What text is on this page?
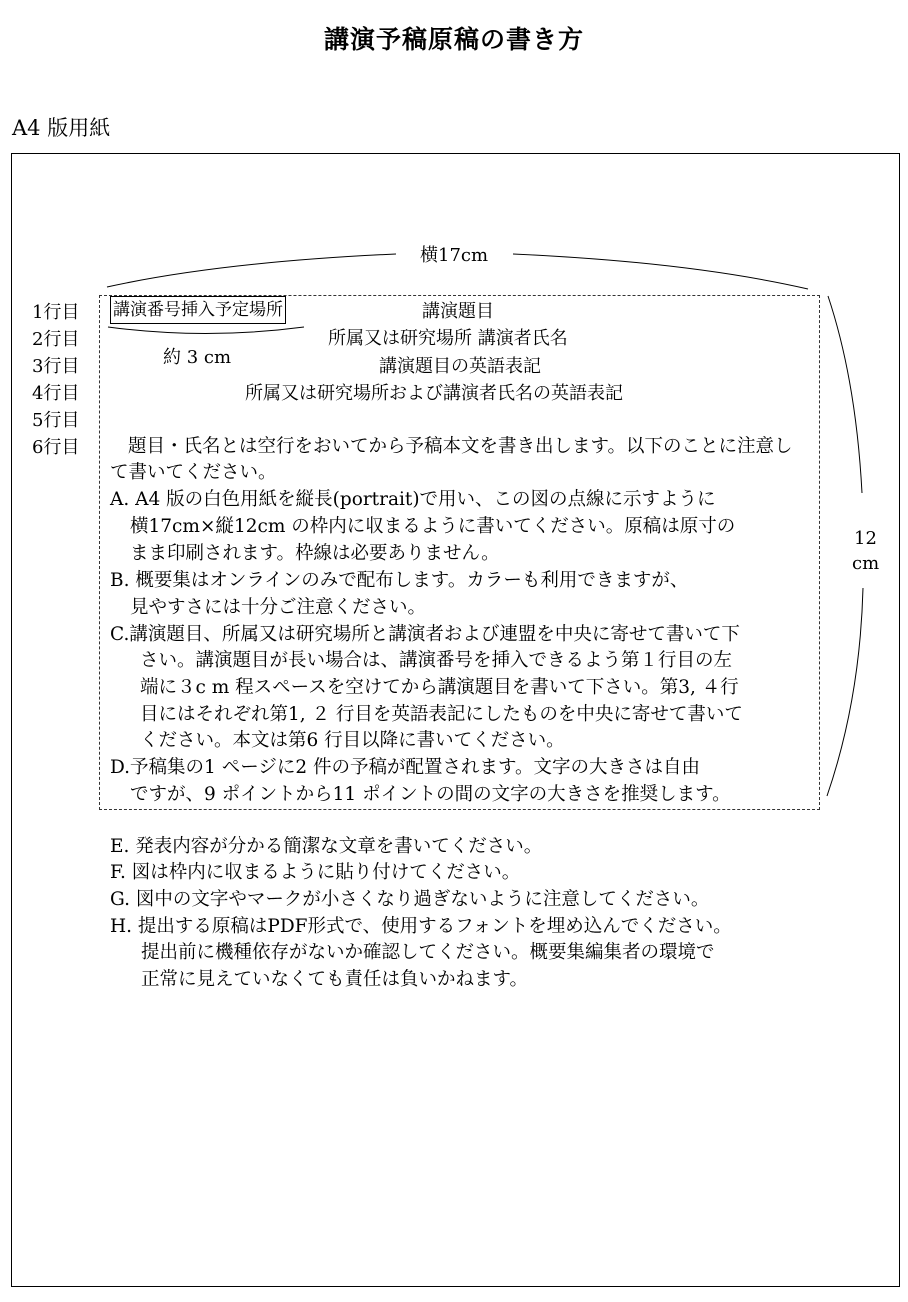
講演予稿原稿の書き方
A4 版用紙
横17cm
12
cm
1行目
2行目
3行目
4行目
5行目
6行目
講演番号挿入予定場所
約 3 cm
講演題目
所属又は研究場所 講演者氏名
講演題目の英語表記
所属又は研究場所および講演者氏名の英語表記
題目・氏名とは空行をおいてから予稿本文を書き出します。以下のことに注意し
て書いてください。
A. A4 版の白色用紙を縦長(portrait)で用い、この図の点線に示すように
横17cm×縦12cm の枠内に収まるように書いてください。原稿は原寸の
まま印刷されます。枠線は必要ありません。
B. 概要集はオンラインのみで配布します。カラーも利用できますが、
見やすさには十分ご注意ください。
C.講演題目、所属又は研究場所と講演者および連盟を中央に寄せて書いて下
さい。講演題目が長い場合は、講演番号を挿入できるよう第１行目の左
端に３c m 程スペースを空けてから講演題目を書いて下さい。第3, ４行
目にはそれぞれ第1, ２ 行目を英語表記にしたものを中央に寄せて書いて
ください。本文は第6 行目以降に書いてください。
D.予稿集の1 ページに2 件の予稿が配置されます。文字の大きさは自由
ですが、9 ポイントから11 ポイントの間の文字の大きさを推奨します。
E. 発表内容が分かる簡潔な文章を書いてください。
F. 図は枠内に収まるように貼り付けてください。
G. 図中の文字やマークが小さくなり過ぎないように注意してください。
H. 提出する原稿はPDF形式で、使用するフォントを埋め込んでください。
提出前に機種依存がないか確認してください。概要集編集者の環境で
正常に見えていなくても責任は負いかねます。
